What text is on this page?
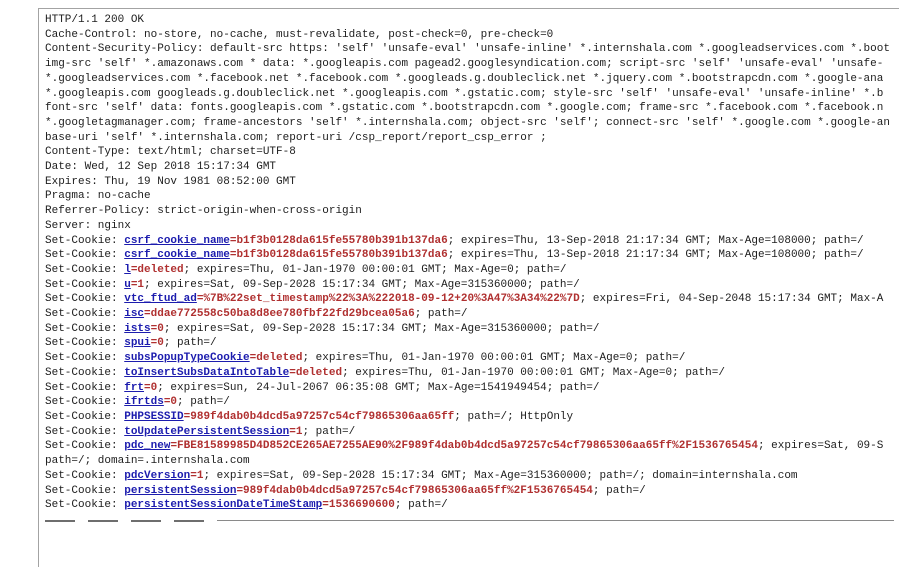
HTTP/1.1 200 OK
Cache-Control: no-store, no-cache, must-revalidate, post-check=0, pre-check=0
Content-Security-Policy: default-src https: 'self' 'unsafe-eval' 'unsafe-inline' *.internshala.com *.googleadservices.com *.boot
img-src 'self' *.amazonaws.com * data: *.googleapis.com pagead2.googlesyndication.com; script-src 'self' 'unsafe-eval' 'unsafe-
*.googleadservices.com *.facebook.net *.facebook.com *.googleads.g.doubleclick.net *.jquery.com *.bootstrapcdn.com *.google-ana
*.googleapis.com googleads.g.doubleclick.net *.googleapis.com *.gstatic.com; style-src 'self' 'unsafe-eval' 'unsafe-inline' *.b
font-src 'self' data: fonts.googleapis.com *.gstatic.com *.bootstrapcdn.com *.google.com; frame-src *.facebook.com *.facebook.n
*.googletagmanager.com; frame-ancestors 'self' *.internshala.com; object-src 'self'; connect-src 'self' *.google.com *.google-an
base-uri 'self' *.internshala.com; report-uri /csp_report/report_csp_error ;
Content-Type: text/html; charset=UTF-8
Date: Wed, 12 Sep 2018 15:17:34 GMT
Expires: Thu, 19 Nov 1981 08:52:00 GMT
Pragma: no-cache
Referrer-Policy: strict-origin-when-cross-origin
Server: nginx
Set-Cookie: csrf_cookie_name=b1f3b0128da615fe55780b391b137da6; expires=Thu, 13-Sep-2018 21:17:34 GMT; Max-Age=108000; path=/
Set-Cookie: csrf_cookie_name=b1f3b0128da615fe55780b391b137da6; expires=Thu, 13-Sep-2018 21:17:34 GMT; Max-Age=108000; path=/
Set-Cookie: l=deleted; expires=Thu, 01-Jan-1970 00:00:01 GMT; Max-Age=0; path=/
Set-Cookie: u=1; expires=Sat, 09-Sep-2028 15:17:34 GMT; Max-Age=315360000; path=/
Set-Cookie: vtc_ftud_ad=%7B%22set_timestamp%22%3A%222018-09-12+20%3A47%3A34%22%7D; expires=Fri, 04-Sep-2048 15:17:34 GMT; Max-A
Set-Cookie: isc=ddae772558c50ba8d8ee780fbf22fd29bcea05a6; path=/
Set-Cookie: ists=0; expires=Sat, 09-Sep-2028 15:17:34 GMT; Max-Age=315360000; path=/
Set-Cookie: spui=0; path=/
Set-Cookie: subsPopupTypeCookie=deleted; expires=Thu, 01-Jan-1970 00:00:01 GMT; Max-Age=0; path=/
Set-Cookie: toInsertSubsDataIntoTable=deleted; expires=Thu, 01-Jan-1970 00:00:01 GMT; Max-Age=0; path=/
Set-Cookie: frt=0; expires=Sun, 24-Jul-2067 06:35:08 GMT; Max-Age=1541949454; path=/
Set-Cookie: ifrtds=0; path=/
Set-Cookie: PHPSESSID=989f4dab0b4dcd5a97257c54cf79865306aa65ff; path=/; HttpOnly
Set-Cookie: toUpdatePersistentSession=1; path=/
Set-Cookie: pdc_new=FBE81589985D4D852CE265AE7255AE90%2F989f4dab0b4dcd5a97257c54cf79865306aa65ff%2F1536765454; expires=Sat, 09-S
path=/; domain=.internshala.com
Set-Cookie: pdcVersion=1; expires=Sat, 09-Sep-2028 15:17:34 GMT; Max-Age=315360000; path=/; domain=internshala.com
Set-Cookie: persistentSession=989f4dab0b4dcd5a97257c54cf79865306aa65ff%2F1536765454; path=/
Set-Cookie: persistentSessionDateTimeStamp=1536690600; path=/
